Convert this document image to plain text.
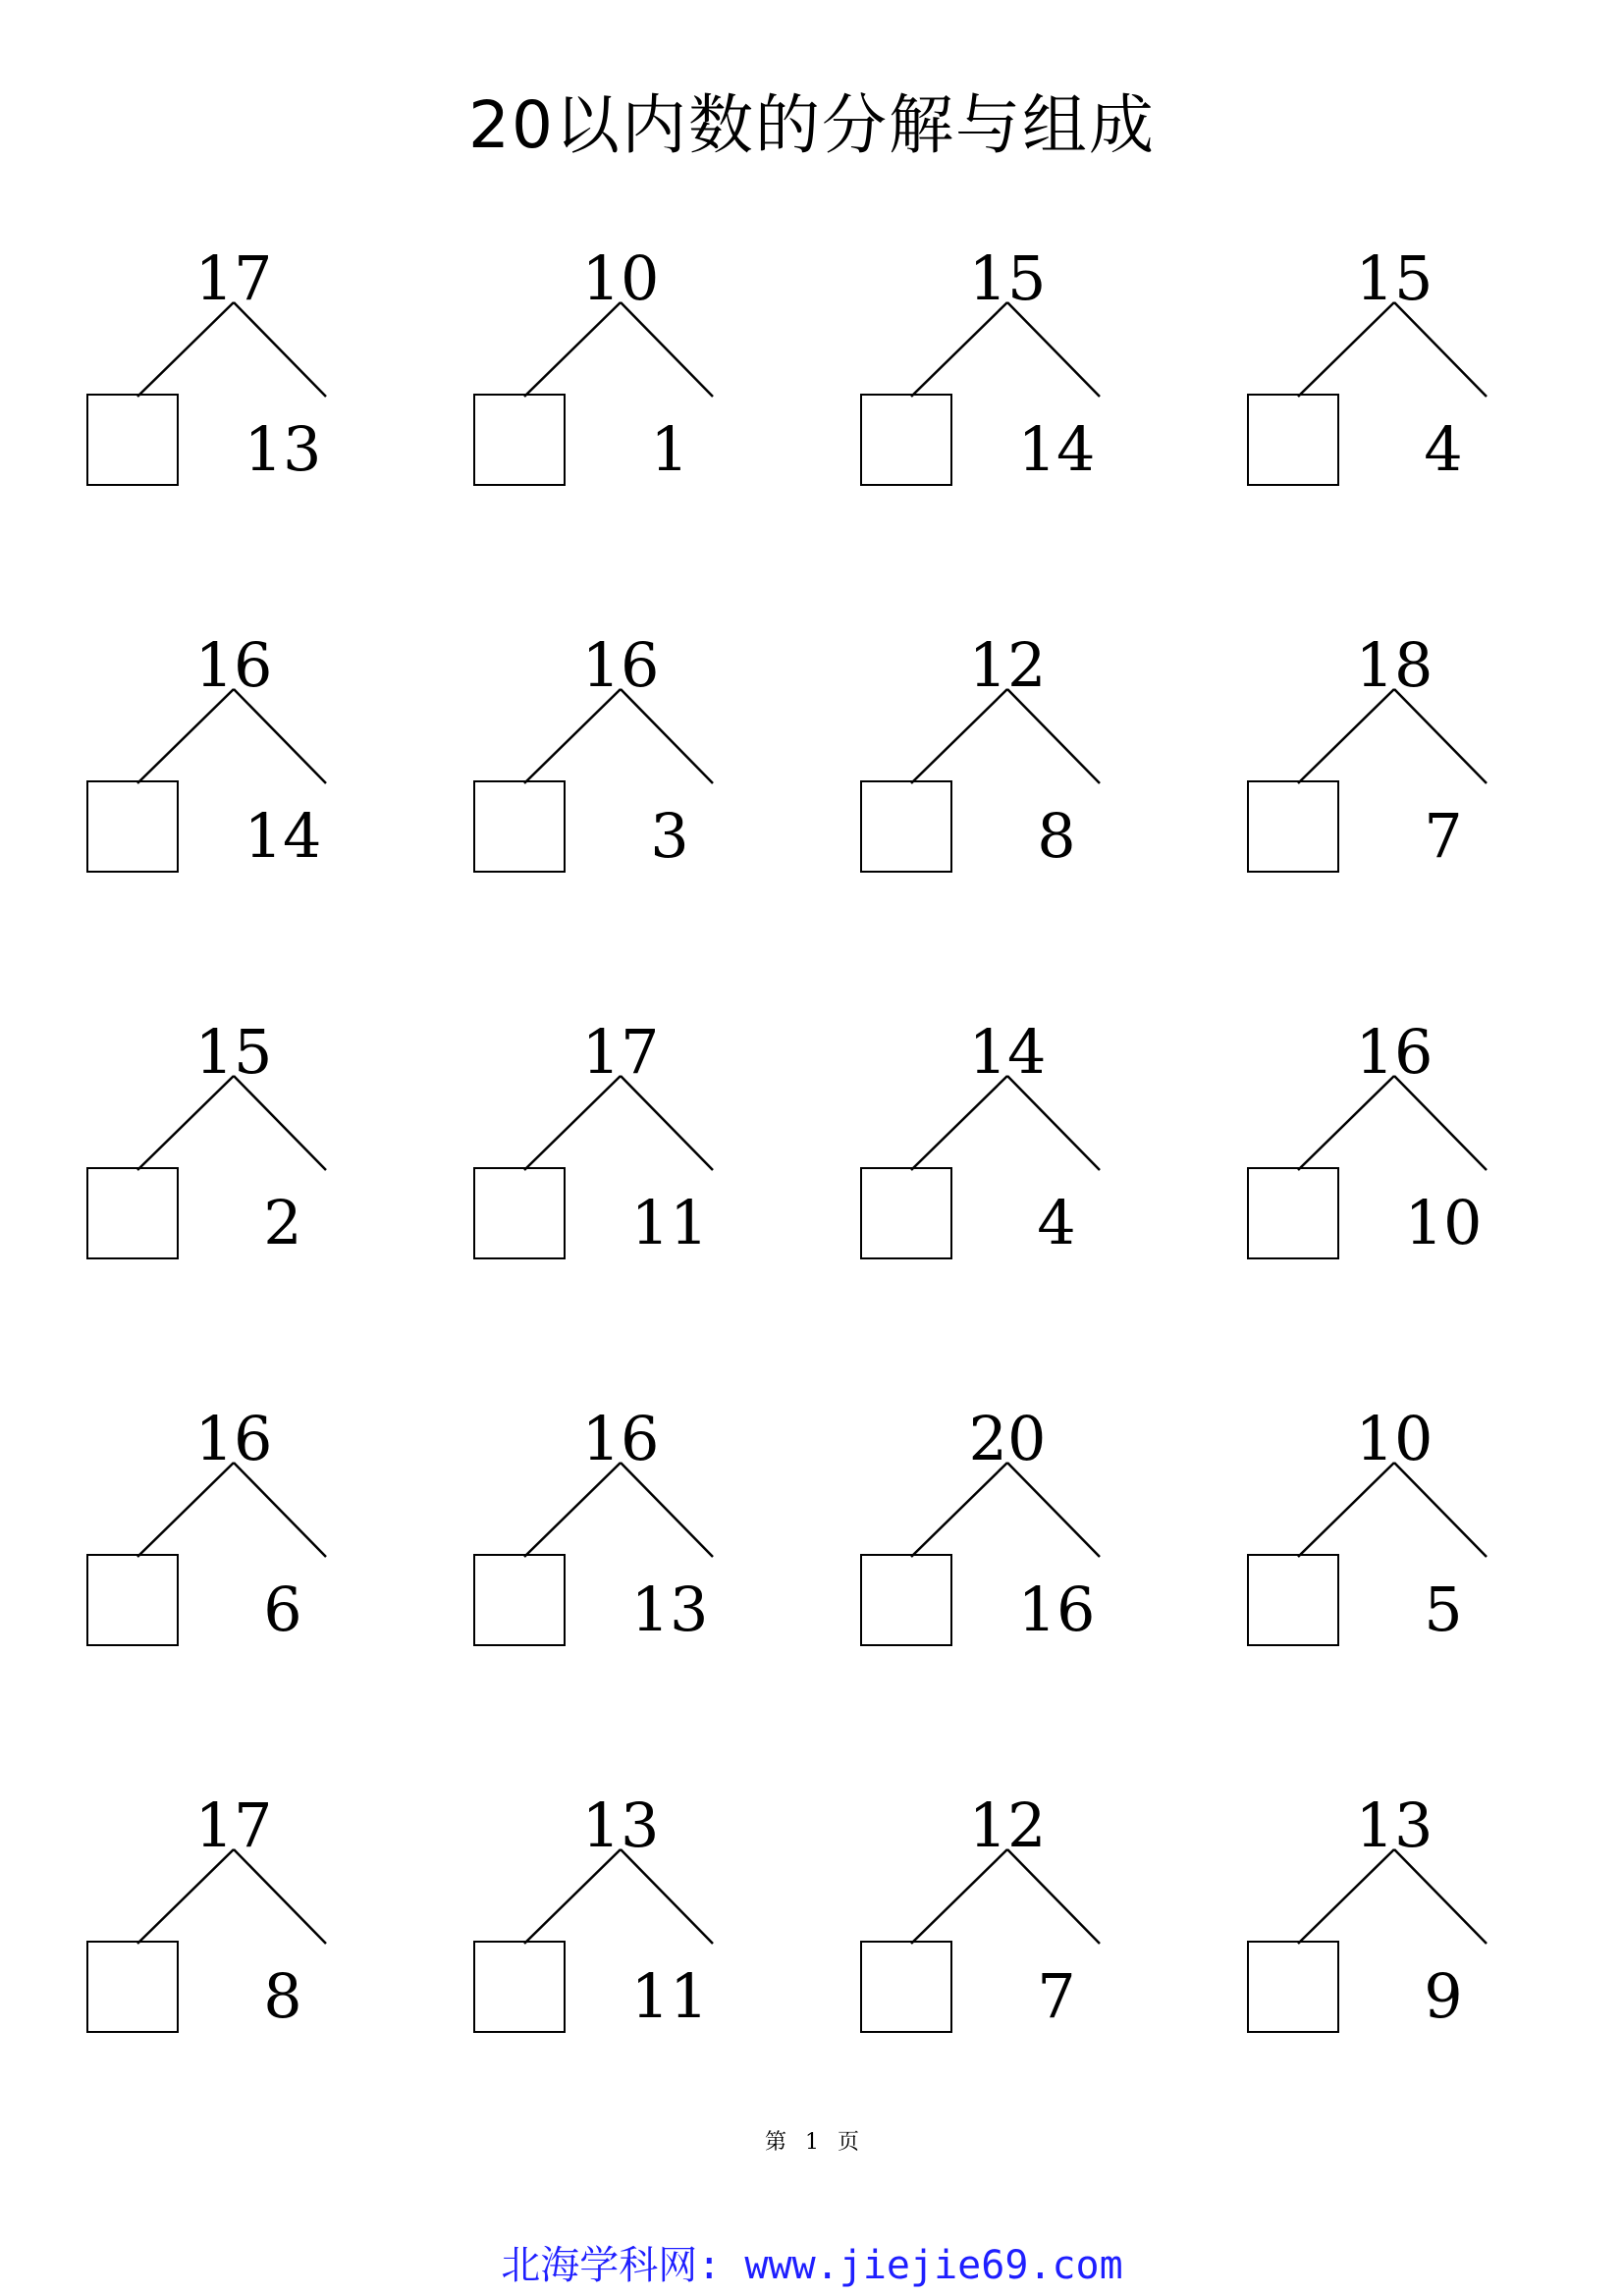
20以内数的分解与组成
17
13
10
1
15
14
15
4
16
14
16
3
12
8
18
7
15
2
17
11
14
4
16
10
16
6
16
13
20
16
10
5
17
8
13
11
12
7
13
9
第 1 页
北海学科网: www.jiejie69.com
